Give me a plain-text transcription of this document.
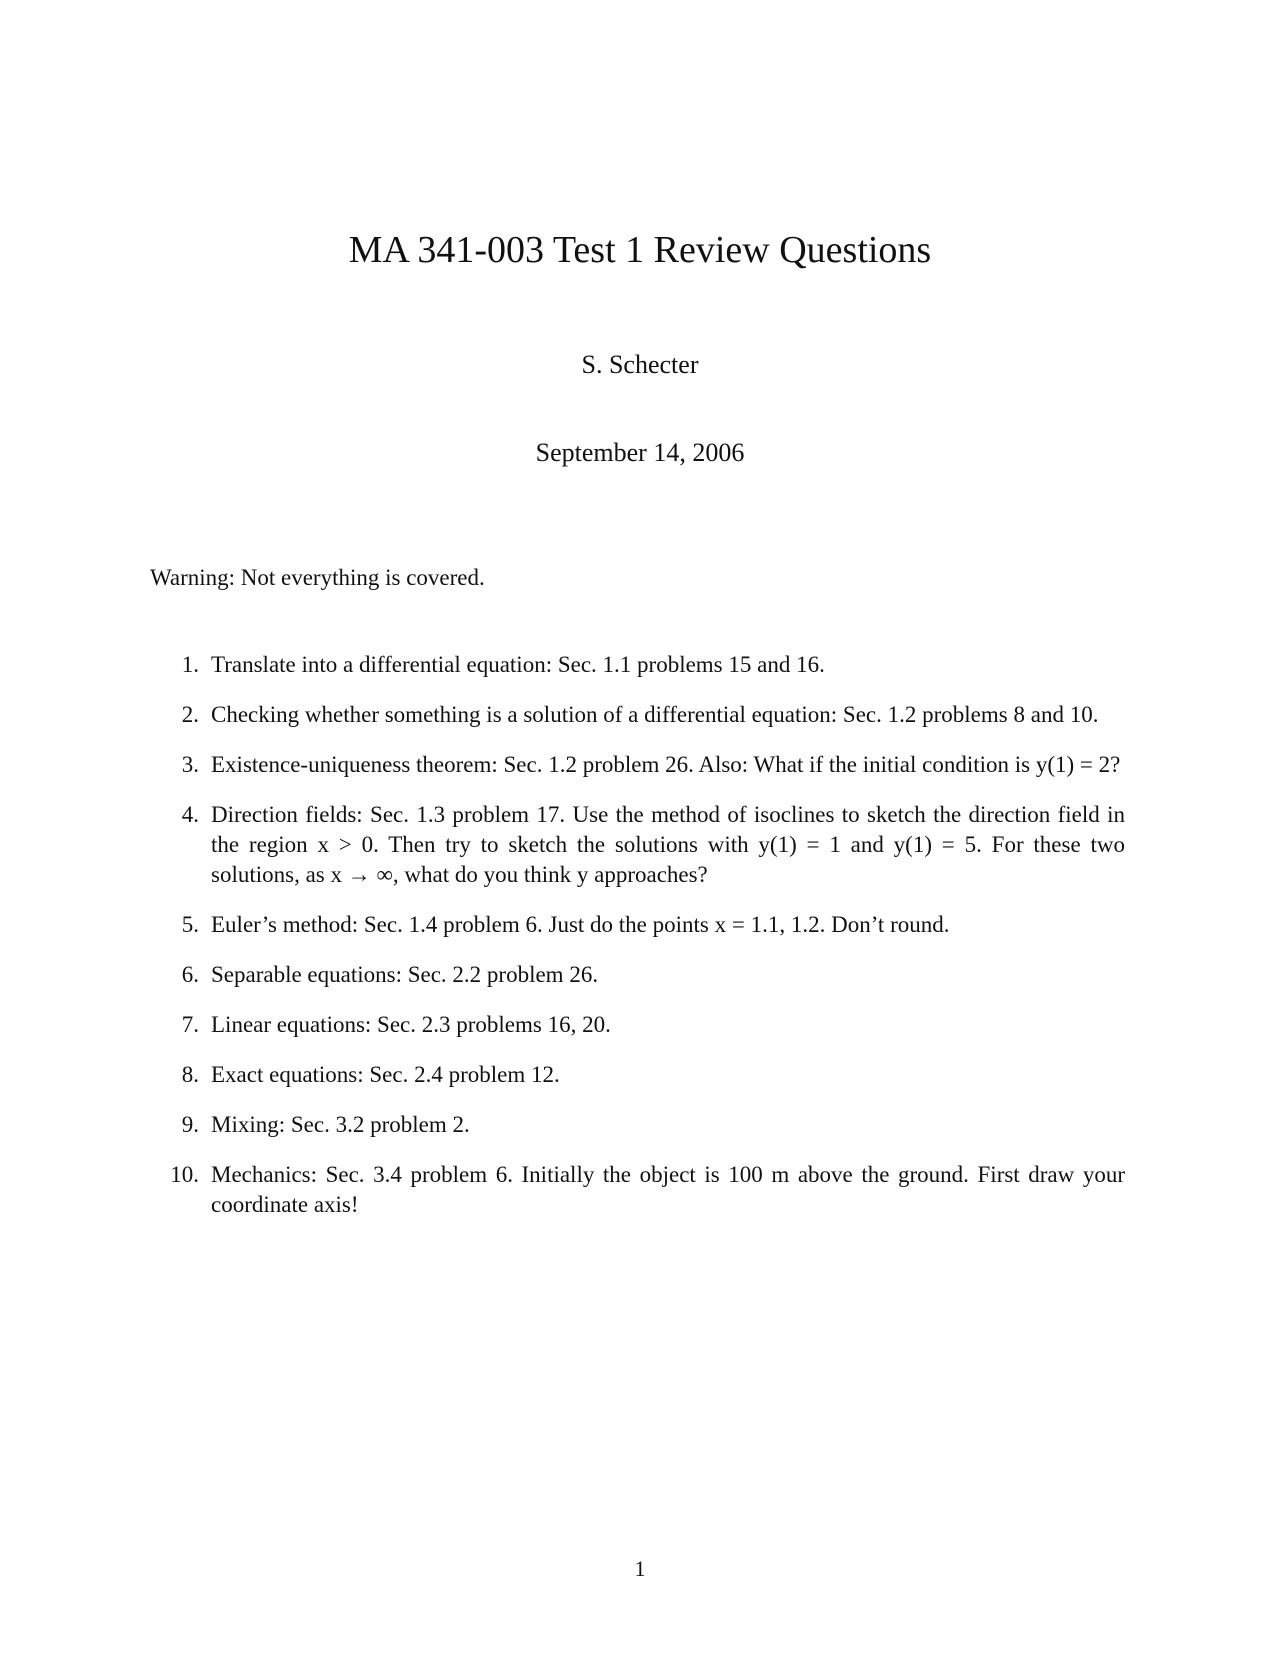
MA 341-003 Test 1 Review Questions
S. Schecter
September 14, 2006
Warning: Not everything is covered.
1. Translate into a differential equation: Sec. 1.1 problems 15 and 16.
2. Checking whether something is a solution of a differential equation: Sec. 1.2 problems 8 and 10.
3. Existence-uniqueness theorem: Sec. 1.2 problem 26. Also: What if the initial condition is y(1) = 2?
4. Direction fields: Sec. 1.3 problem 17. Use the method of isoclines to sketch the direction field in the region x > 0. Then try to sketch the solutions with y(1) = 1 and y(1) = 5. For these two solutions, as x → ∞, what do you think y approaches?
5. Euler’s method: Sec. 1.4 problem 6. Just do the points x = 1.1, 1.2. Don’t round.
6. Separable equations: Sec. 2.2 problem 26.
7. Linear equations: Sec. 2.3 problems 16, 20.
8. Exact equations: Sec. 2.4 problem 12.
9. Mixing: Sec. 3.2 problem 2.
10. Mechanics: Sec. 3.4 problem 6. Initially the object is 100 m above the ground. First draw your coordinate axis!
1
